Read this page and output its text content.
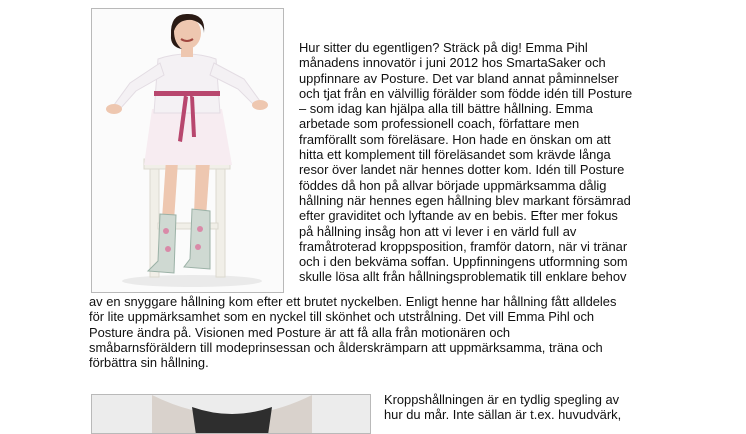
Hur sitter du egentligen? Sträck på dig! Emma Pihl
månadens innovatör i juni 2012 hos SmartaSaker och
uppfinnare av Posture. Det var bland annat påminnelser
och tjat från en välvillig förälder som födde idén till Posture
– som idag kan hjälpa alla till bättre hållning. Emma
arbetade som professionell coach, författare men
framförallt som föreläsare. Hon hade en önskan om att
hitta ett komplement till föreläsandet som krävde långa
resor över landet när hennes dotter kom. Idén till Posture
föddes då hon på allvar började uppmärksamma dålig
hållning när hennes egen hållning blev markant försämrad
efter graviditet och lyftande av en bebis. Efter mer fokus
på hållning insåg hon att vi lever i en värld full av
framåtroterad kroppsposition, framför datorn, när vi tränar
och i den bekväma soffan. Uppfinningens utformning som
skulle lösa allt från hållningsproblematik till enklare behov

av en snyggare hållning kom efter ett brutet nyckelben. Enligt henne har hållning fått alldeles
för lite uppmärksamhet som en nyckel till skönhet och utstrålning. Det vill Emma Pihl och
Posture ändra på. Visionen med Posture är att få alla från motionären och
småbarnsföräldern till modeprinsessan och ålderskrämparn att uppmärksamma, träna och
förbättra sin hållning.

Kroppshållningen är en tydlig spegling av
hur du mår. Inte sällan är t.ex. huvudvärk,
